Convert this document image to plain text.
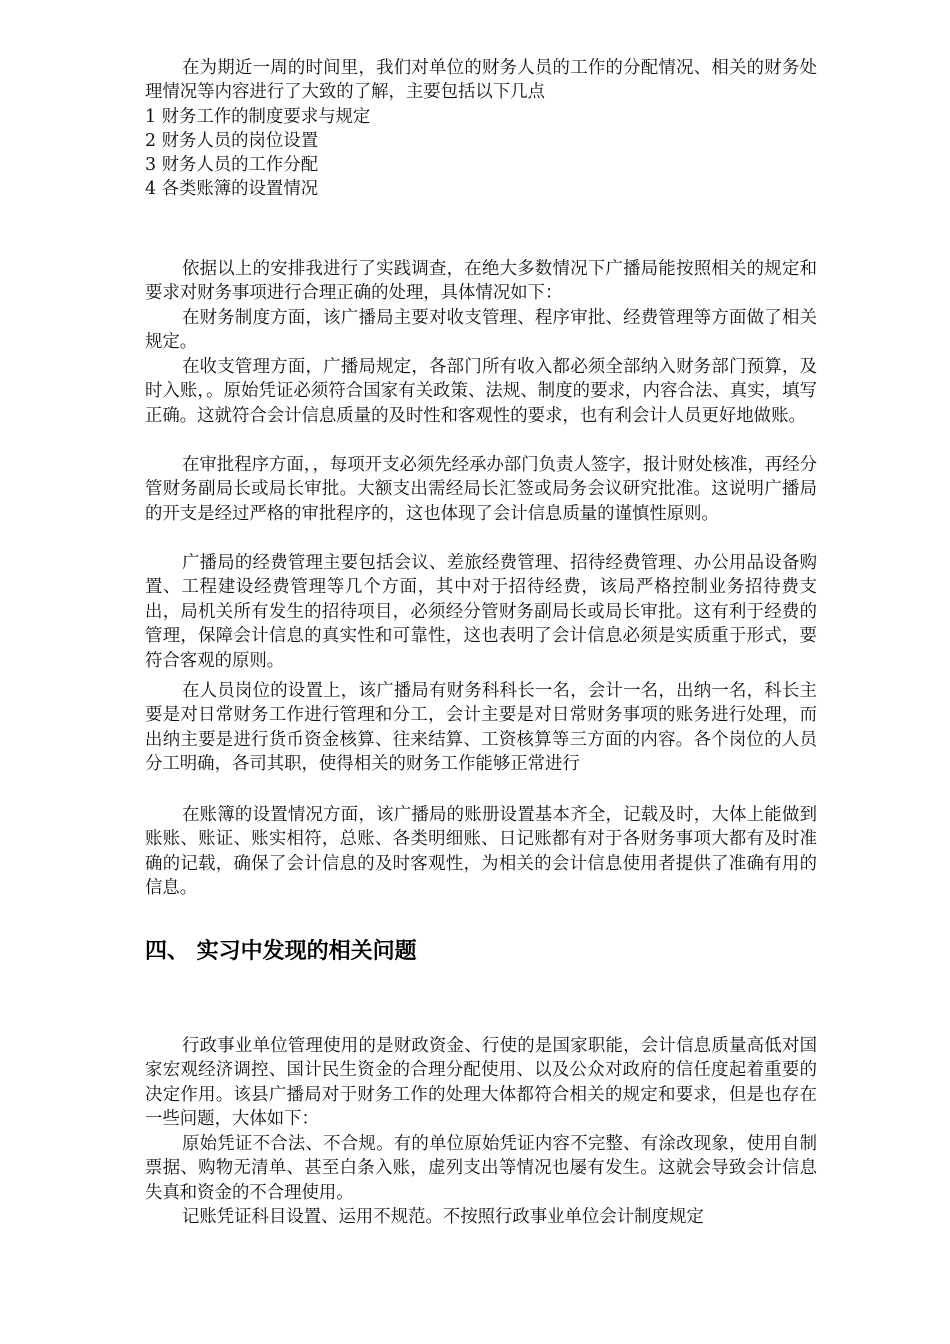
在为期近一周的时间里，我们对单位的财务人员的工作的分配情况、相关的财务处理情况等内容进行了大致的了解，主要包括以下几点

1 财务工作的制度要求与规定

2 财务人员的岗位设置

3 财务人员的工作分配

4 各类账簿的设置情况

依据以上的安排我进行了实践调查，在绝大多数情况下广播局能按照相关的规定和要求对财务事项进行合理正确的处理，具体情况如下：

在财务制度方面，该广播局主要对收支管理、程序审批、经费管理等方面做了相关规定。

在收支管理方面，广播局规定，各部门所有收入都必须全部纳入财务部门预算，及时入账，。原始凭证必须符合国家有关政策、法规、制度的要求，内容合法、真实，填写正确。这就符合会计信息质量的及时性和客观性的要求，也有利会计人员更好地做账。

在审批程序方面，，每项开支必须先经承办部门负责人签字，报计财处核准，再经分管财务副局长或局长审批。大额支出需经局长汇签或局务会议研究批准。这说明广播局的开支是经过严格的审批程序的，这也体现了会计信息质量的谨慎性原则。

广播局的经费管理主要包括会议、差旅经费管理、招待经费管理、办公用品设备购置、工程建设经费管理等几个方面，其中对于招待经费，该局严格控制业务招待费支出，局机关所有发生的招待项目，必须经分管财务副局长或局长审批。这有利于经费的管理，保障会计信息的真实性和可靠性，这也表明了会计信息必须是实质重于形式，要符合客观的原则。

在人员岗位的设置上，该广播局有财务科科长一名，会计一名，出纳一名，科长主要是对日常财务工作进行管理和分工，会计主要是对日常财务事项的账务进行处理，而出纳主要是进行货币资金核算、往来结算、工资核算等三方面的内容。各个岗位的人员分工明确，各司其职，使得相关的财务工作能够正常进行

在账簿的设置情况方面，该广播局的账册设置基本齐全，记载及时，大体上能做到账账、账证、账实相符，总账、各类明细账、日记账都有对于各财务事项大都有及时准确的记载，确保了会计信息的及时客观性，为相关的会计信息使用者提供了准确有用的信息。

四、 实习中发现的相关问题

行政事业单位管理使用的是财政资金、行使的是国家职能，会计信息质量高低对国家宏观经济调控、国计民生资金的合理分配使用、以及公众对政府的信任度起着重要的决定作用。该县广播局对于财务工作的处理大体都符合相关的规定和要求，但是也存在一些问题，大体如下：

原始凭证不合法、不合规。有的单位原始凭证内容不完整、有涂改现象，使用自制票据、购物无清单、甚至白条入账，虚列支出等情况也屡有发生。这就会导致会计信息失真和资金的不合理使用。

记账凭证科目设置、运用不规范。不按照行政事业单位会计制度规定
